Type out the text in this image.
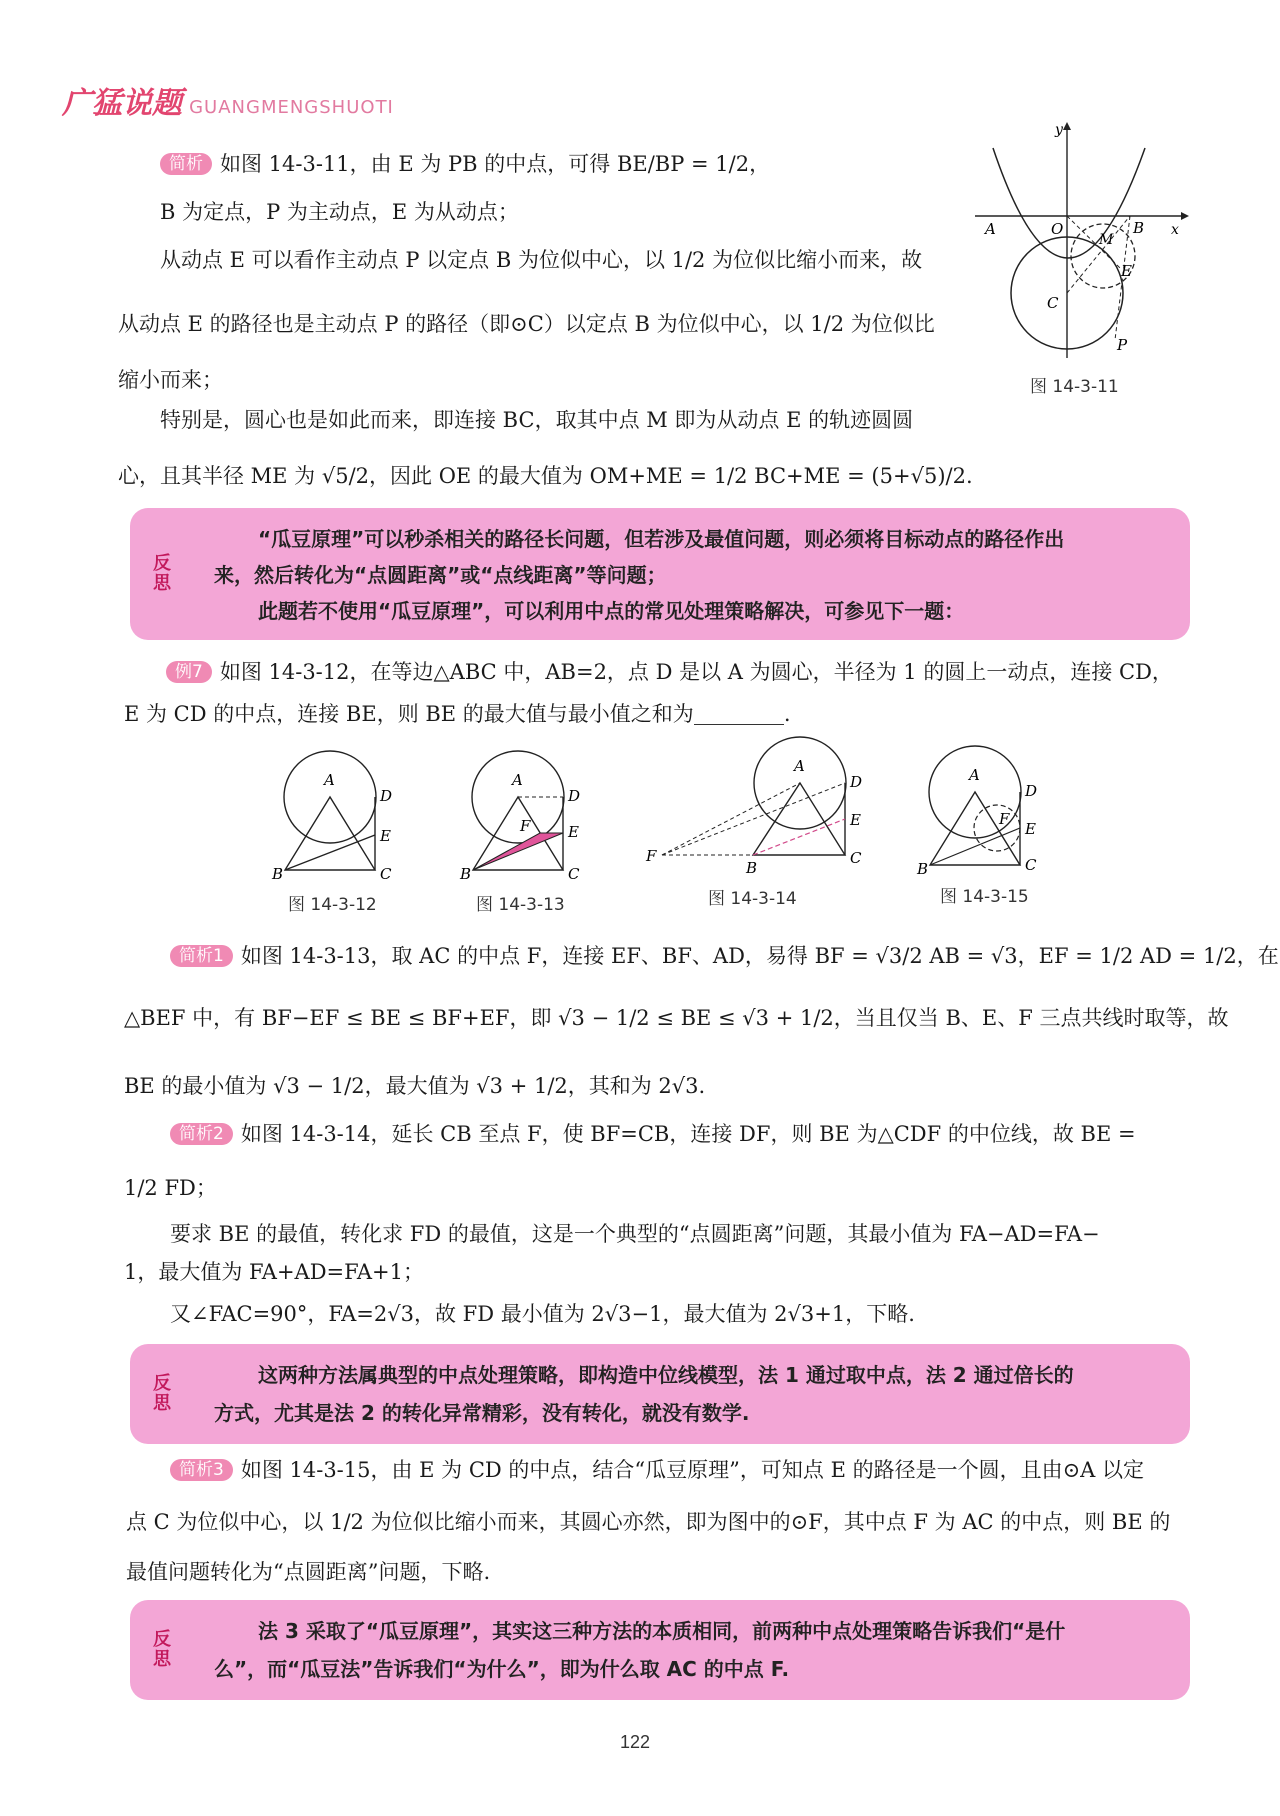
广猛说题 GUANGMENGSHUOTI
简析 如图 14-3-11，由 E 为 PB 的中点，可得 BE/BP = 1/2，
B 为定点，P 为主动点，E 为从动点；
从动点 E 可以看作主动点 P 以定点 B 为位似中心，以 1/2 为位似比缩小而来，故
从动点 E 的路径也是主动点 P 的路径（即⊙C）以定点 B 为位似中心，以 1/2 为位似比
缩小而来；
特别是，圆心也是如此而来，即连接 BC，取其中点 M 即为从动点 E 的轨迹圆圆
心，且其半径 ME 为 √5/2，因此 OE 的最大值为 OM+ME = 1/2 BC+ME = (5+√5)/2.
A	O	B x
y
M
E
C
P
图 14-3-11
反思
“瓜豆原理”可以秒杀相关的路径长问题，但若涉及最值问题，则必须将目标动点的路径作出
来，然后转化为“点圆距离”或“点线距离”等问题；
此题若不使用“瓜豆原理”，可以利用中点的常见处理策略解决，可参见下一题：
例7 如图 14-3-12，在等边△ABC 中，AB=2，点 D 是以 A 为圆心，半径为 1 的圆上一动点，连接 CD，
E 为 CD 的中点，连接 BE，则 BE 的最大值与最小值之和为	.
A
B	C
D
E
图 14-3-12
A
B	C
D
E
F
图 14-3-13
A
B
C
D
E
F
图 14-3-14
A
B	C
D
E
F
图 14-3-15
简析1 如图 14-3-13，取 AC 的中点 F，连接 EF、BF、AD，易得 BF = √3/2 AB = √3，EF = 1/2 AD = 1/2，在
△BEF 中，有 BF−EF ≤ BE ≤ BF+EF，即 √3 − 1/2 ≤ BE ≤ √3 + 1/2，当且仅当 B、E、F 三点共线时取等，故
BE 的最小值为 √3 − 1/2，最大值为 √3 + 1/2，其和为 2√3.
简析2 如图 14-3-14，延长 CB 至点 F，使 BF=CB，连接 DF，则 BE 为△CDF 的中位线，故 BE =
1/2 FD；
要求 BE 的最值，转化求 FD 的最值，这是一个典型的“点圆距离”问题，其最小值为 FA−AD=FA−
1，最大值为 FA+AD=FA+1；
又∠FAC=90°，FA=2√3，故 FD 最小值为 2√3−1，最大值为 2√3+1，下略.
反思
这两种方法属典型的中点处理策略，即构造中位线模型，法 1 通过取中点，法 2 通过倍长的
方式，尤其是法 2 的转化异常精彩，没有转化，就没有数学.
简析3 如图 14-3-15，由 E 为 CD 的中点，结合“瓜豆原理”，可知点 E 的路径是一个圆，且由⊙A 以定
点 C 为位似中心，以 1/2 为位似比缩小而来，其圆心亦然，即为图中的⊙F，其中点 F 为 AC 的中点，则 BE 的
最值问题转化为“点圆距离”问题，下略.
反思
法 3 采取了“瓜豆原理”，其实这三种方法的本质相同，前两种中点处理策略告诉我们“是什
么”，而“瓜豆法”告诉我们“为什么”，即为什么取 AC 的中点 F.
122
